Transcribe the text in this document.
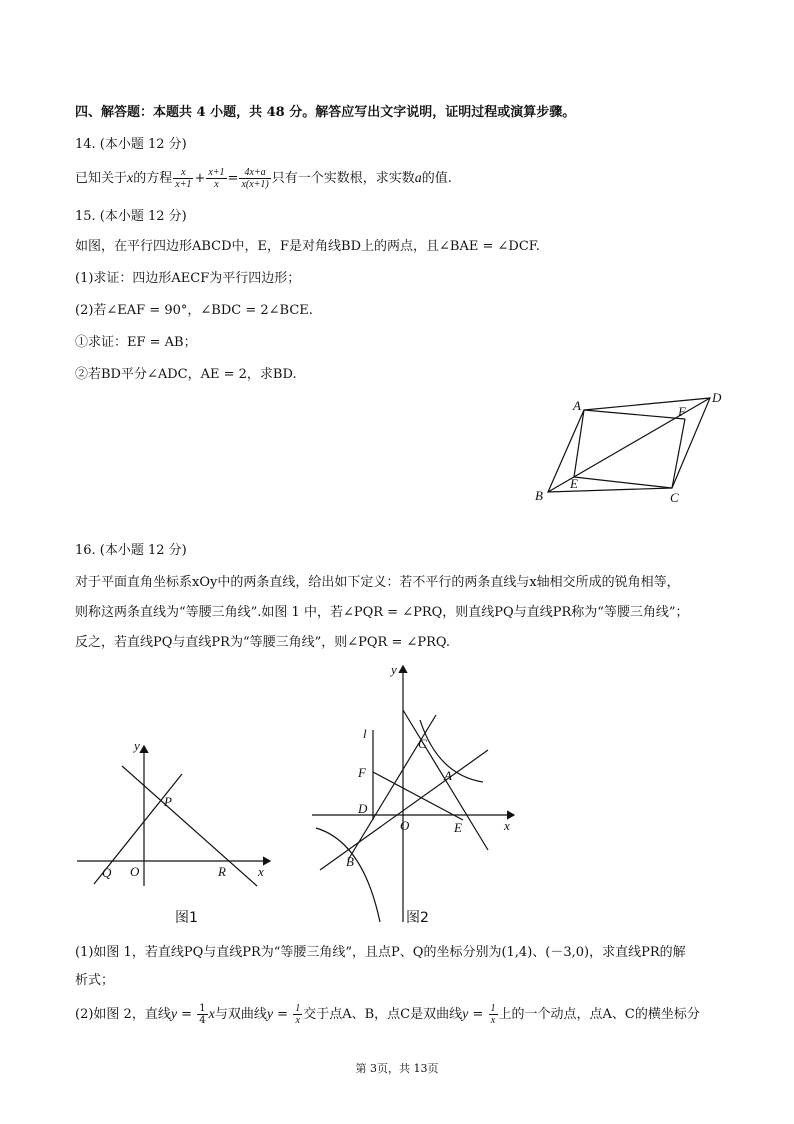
四、解答题：本题共 4 小题，共 48 分。解答应写出文字说明，证明过程或演算步骤。
14. (本小题 12 分)
已知关于x的方程 $\frac{x}{x+1} + \frac{x+1}{x} = \frac{4x+a}{x(x+1)}$ 只有一个实数根，求实数a的值.
15. (本小题 12 分)
如图，在平行四边形ABCD中，E，F是对角线BD上的两点，且∠BAE = ∠DCF.
(1)求证：四边形AECF为平行四边形；
(2)若∠EAF = 90°，∠BDC = 2∠BCE.
①求证：EF = AB；
②若BD平分∠ADC，AE = 2，求BD.
A
D
F
E
B	C
16. (本小题 12 分)
对于平面直角坐标系xOy中的两条直线，给出如下定义：若不平行的两条直线与x轴相交所成的锐角相等，
则称这两条直线为“等腰三角线”.如图 1 中，若∠PQR = ∠PRQ，则直线PQ与直线PR称为“等腰三角线”；
反之，若直线PQ与直线PR为“等腰三角线”，则∠PQR = ∠PRQ.
y
x
P
Q O	R
图1
y
x
l
C
F	A
D
O	E
B
图2
(1)如图 1，若直线PQ与直线PR为“等腰三角线”，且点P、Q的坐标分别为(1,4)、(－3,0)，求直线PR的解
析式；
(2)如图 2，直线$y = \frac{1}{4}$ x与双曲线$y = \frac{1}{x}$ 交于点A、B，点C是双曲线$y = \frac{1}{x}$ 上的一个动点，点A、C的横坐标分
第 3页，共 13页
